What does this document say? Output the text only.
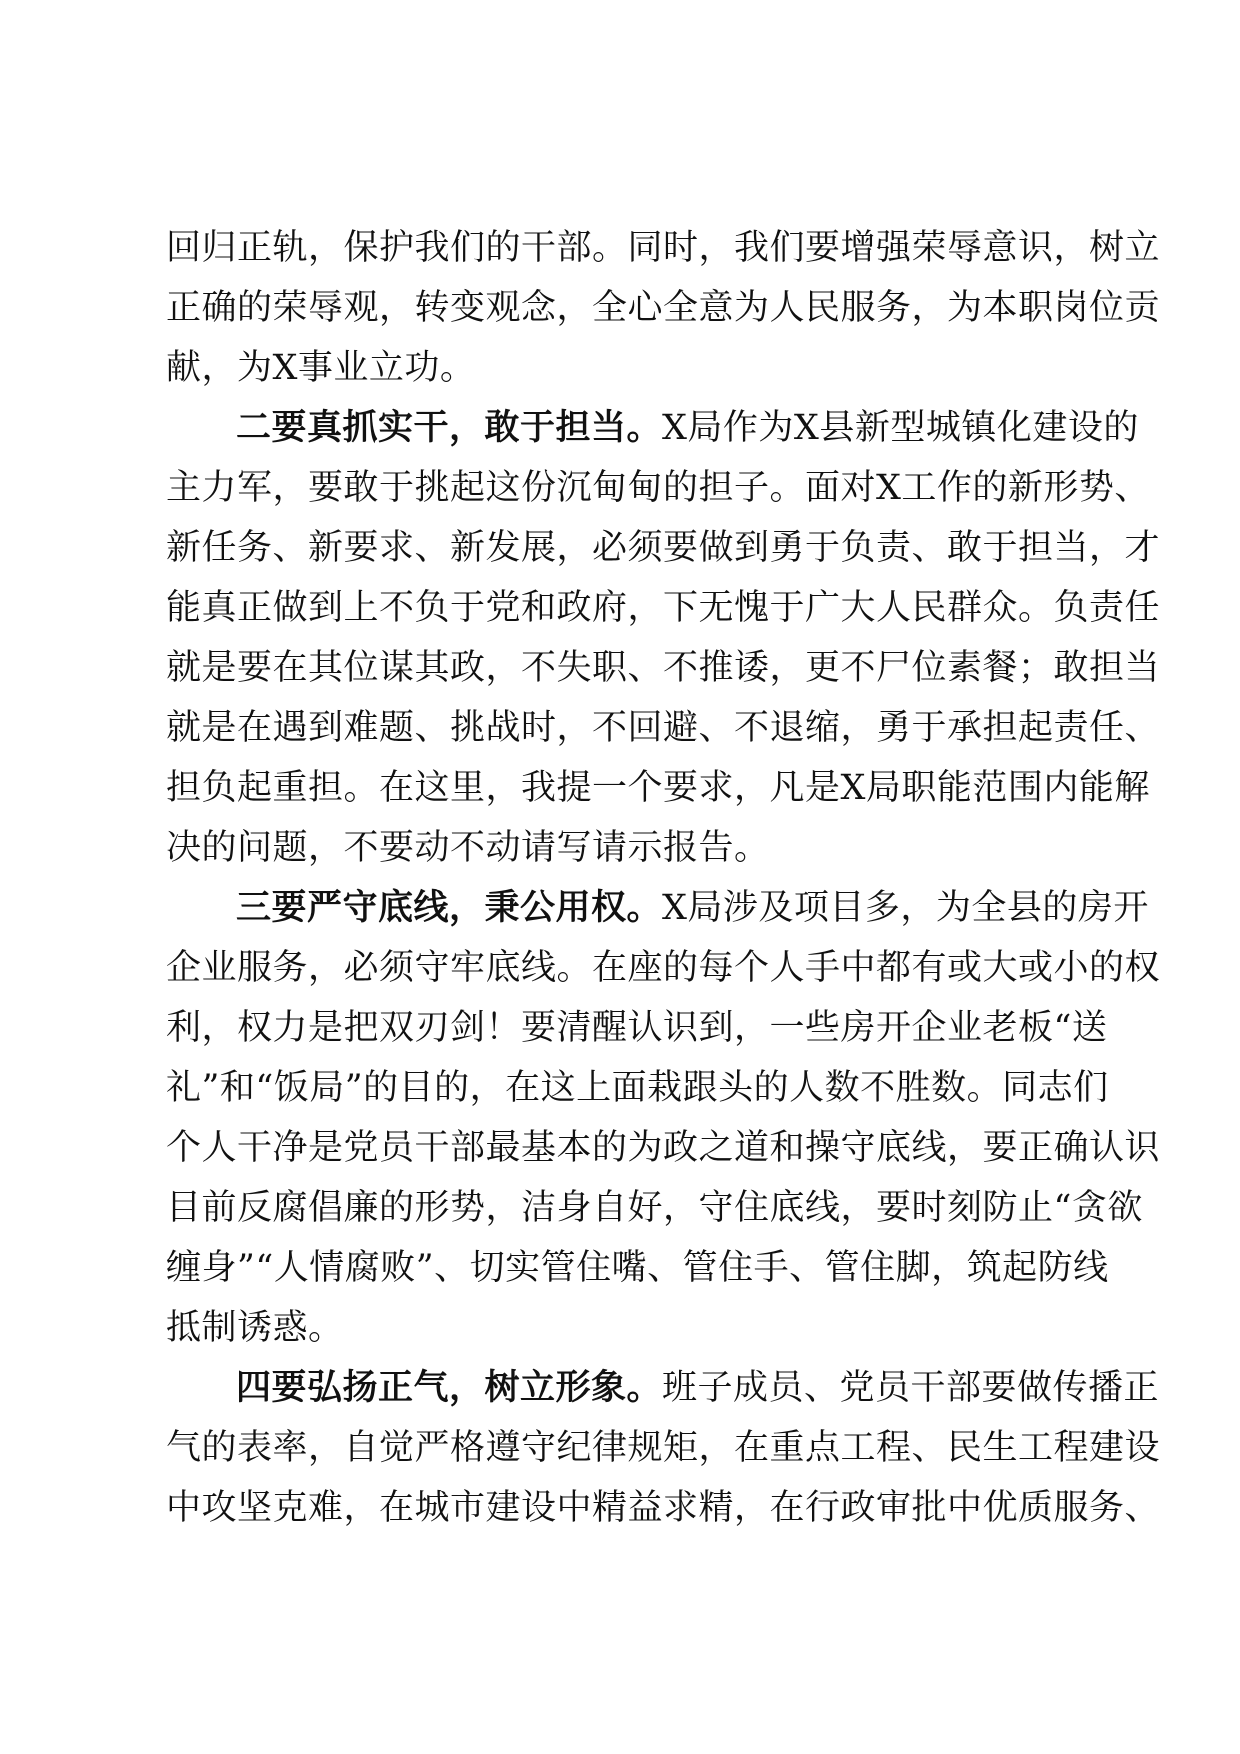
回归正轨，保护我们的干部。同时，我们要增强荣辱意识，树立
正确的荣辱观，转变观念，全心全意为人民服务，为本职岗位贡
献，为X事业立功。
二要真抓实干，敢于担当。X局作为X县新型城镇化建设的
主力军，要敢于挑起这份沉甸甸的担子。面对X工作的新形势、
新任务、新要求、新发展，必须要做到勇于负责、敢于担当，才
能真正做到上不负于党和政府，下无愧于广大人民群众。负责任
就是要在其位谋其政，不失职、不推诿，更不尸位素餐；敢担当
就是在遇到难题、挑战时，不回避、不退缩，勇于承担起责任、
担负起重担。在这里，我提一个要求，凡是X局职能范围内能解
决的问题，不要动不动请写请示报告。
三要严守底线，秉公用权。X局涉及项目多，为全县的房开
企业服务，必须守牢底线。在座的每个人手中都有或大或小的权
利，权力是把双刃剑！要清醒认识到，一些房开企业老板“送
礼”和“饭局”的目的，在这上面栽跟头的人数不胜数。同志们
个人干净是党员干部最基本的为政之道和操守底线，要正确认识
目前反腐倡廉的形势，洁身自好，守住底线，要时刻防止“贪欲
缠身”“人情腐败”、切实管住嘴、管住手、管住脚，筑起防线
抵制诱惑。
四要弘扬正气，树立形象。班子成员、党员干部要做传播正
气的表率，自觉严格遵守纪律规矩，在重点工程、民生工程建设
中攻坚克难，在城市建设中精益求精，在行政审批中优质服务、
